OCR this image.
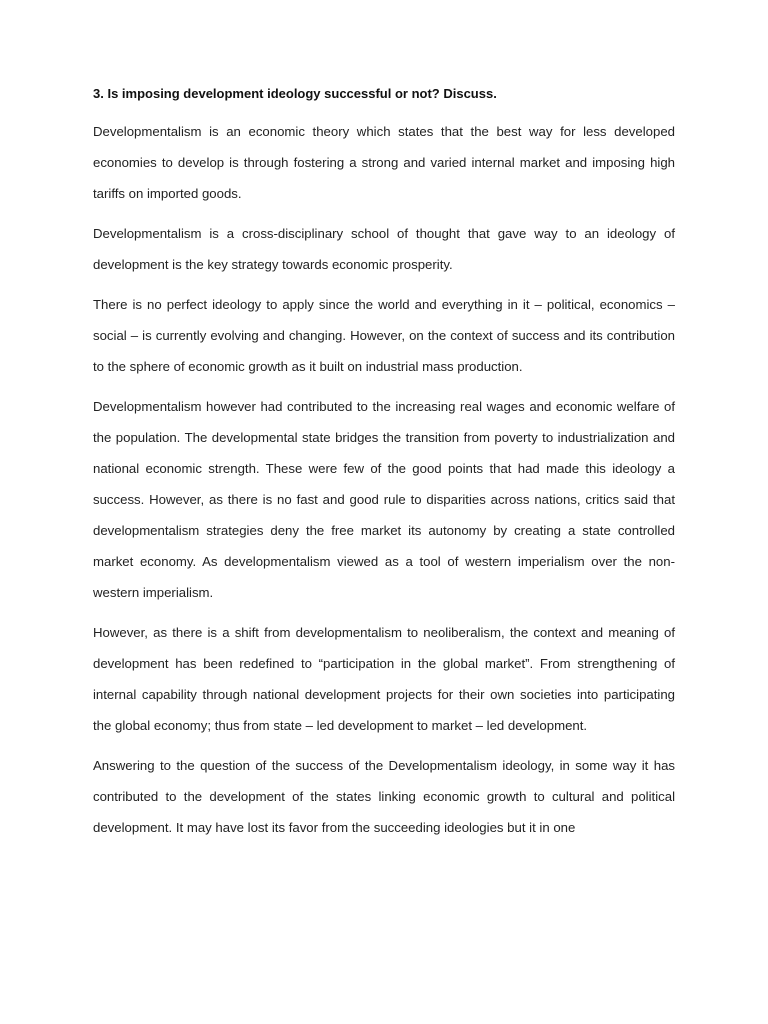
3. Is imposing development ideology successful or not? Discuss.

Developmentalism is an economic theory which states that the best way for less developed economies to develop is through fostering a strong and varied internal market and imposing high tariffs on imported goods.

Developmentalism is a cross-disciplinary school of thought that gave way to an ideology of development is the key strategy towards economic prosperity.

There is no perfect ideology to apply since the world and everything in it – political, economics – social – is currently evolving and changing. However, on the context of success and its contribution to the sphere of economic growth as it built on industrial mass production.

Developmentalism however had contributed to the increasing real wages and economic welfare of the population. The developmental state bridges the transition from poverty to industrialization and national economic strength. These were few of the good points that had made this ideology a success. However, as there is no fast and good rule to disparities across nations, critics said that developmentalism strategies deny the free market its autonomy by creating a state controlled market economy. As developmentalism viewed as a tool of western imperialism over the non-western imperialism.

However, as there is a shift from developmentalism to neoliberalism, the context and meaning of development has been redefined to “participation in the global market”. From strengthening of internal capability through national development projects for their own societies into participating the global economy; thus from state – led development to market – led development.

Answering to the question of the success of the Developmentalism ideology, in some way it has contributed to the development of the states linking economic growth to cultural and political development. It may have lost its favor from the succeeding ideologies but it in one
